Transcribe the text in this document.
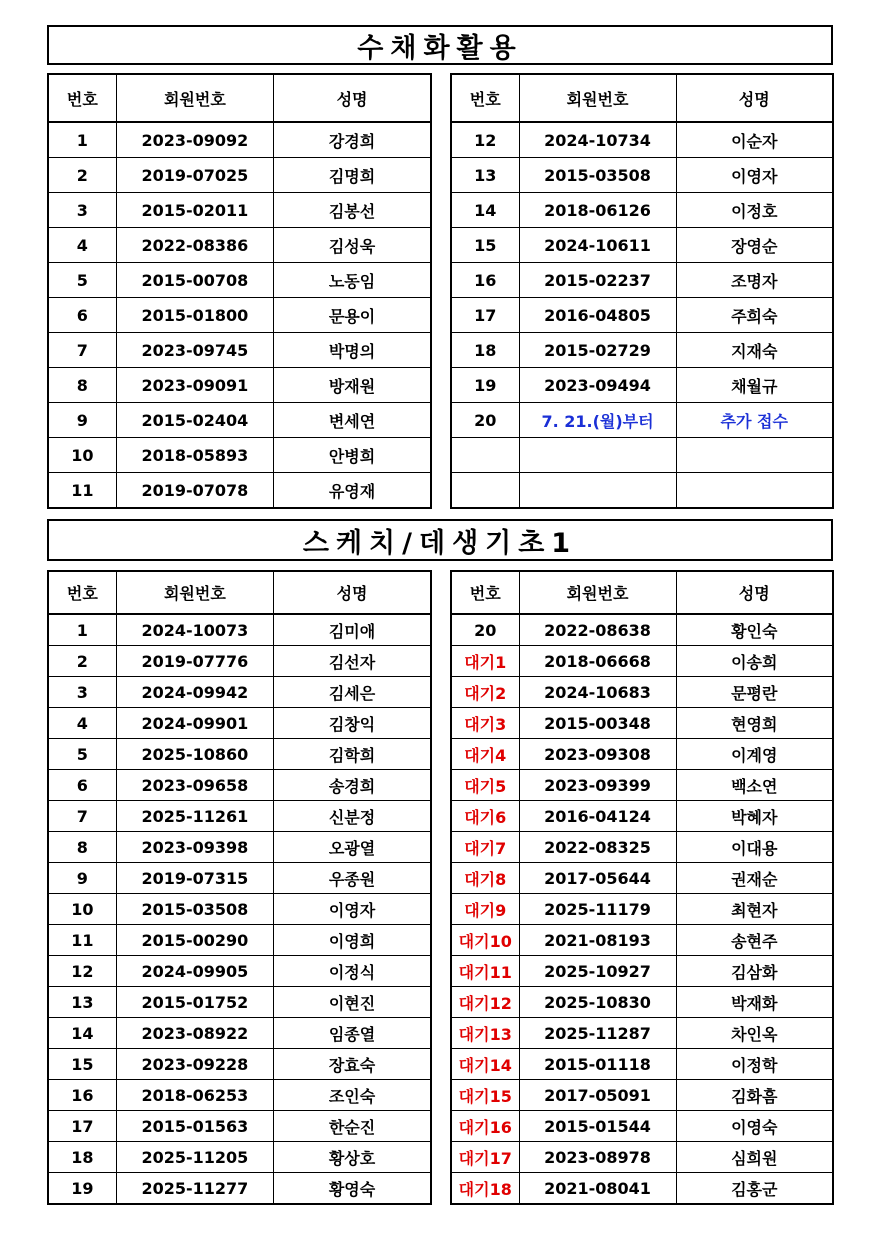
수채화활용
번호	회원번호	성명
1	2023-09092	강경희
2	2019-07025	김명희
3	2015-02011	김봉선
4	2022-08386	김성욱
5	2015-00708	노동임
6	2015-01800	문용이
7	2023-09745	박명의
8	2023-09091	방재원
9	2015-02404	변세연
10	2018-05893	안병희
11	2019-07078	유영재
번호	회원번호	성명
12	2024-10734	이순자
13	2015-03508	이영자
14	2018-06126	이정호
15	2024-10611	장영순
16	2015-02237	조명자
17	2016-04805	주희숙
18	2015-02729	지재숙
19	2023-09494	채월규
20	7. 21.(월)부터	추가 접수

스케치/데생기초1
번호	회원번호	성명
1	2024-10073	김미애
2	2019-07776	김선자
3	2024-09942	김세은
4	2024-09901	김창익
5	2025-10860	김학희
6	2023-09658	송경희
7	2025-11261	신분정
8	2023-09398	오광열
9	2019-07315	우종원
10	2015-03508	이영자
11	2015-00290	이영희
12	2024-09905	이정식
13	2015-01752	이현진
14	2023-08922	임종열
15	2023-09228	장효숙
16	2018-06253	조인숙
17	2015-01563	한순진
18	2025-11205	황상호
19	2025-11277	황영숙
번호	회원번호	성명
20	2022-08638	황인숙
대기1	2018-06668	이송희
대기2	2024-10683	문평란
대기3	2015-00348	현영희
대기4	2023-09308	이계영
대기5	2023-09399	백소연
대기6	2016-04124	박혜자
대기7	2022-08325	이대용
대기8	2017-05644	권재순
대기9	2025-11179	최현자
대기10	2021-08193	송현주
대기11	2025-10927	김삼화
대기12	2025-10830	박재화
대기13	2025-11287	차인옥
대기14	2015-01118	이정학
대기15	2017-05091	김화흠
대기16	2015-01544	이영숙
대기17	2023-08978	심희원
대기18	2021-08041	김홍군
